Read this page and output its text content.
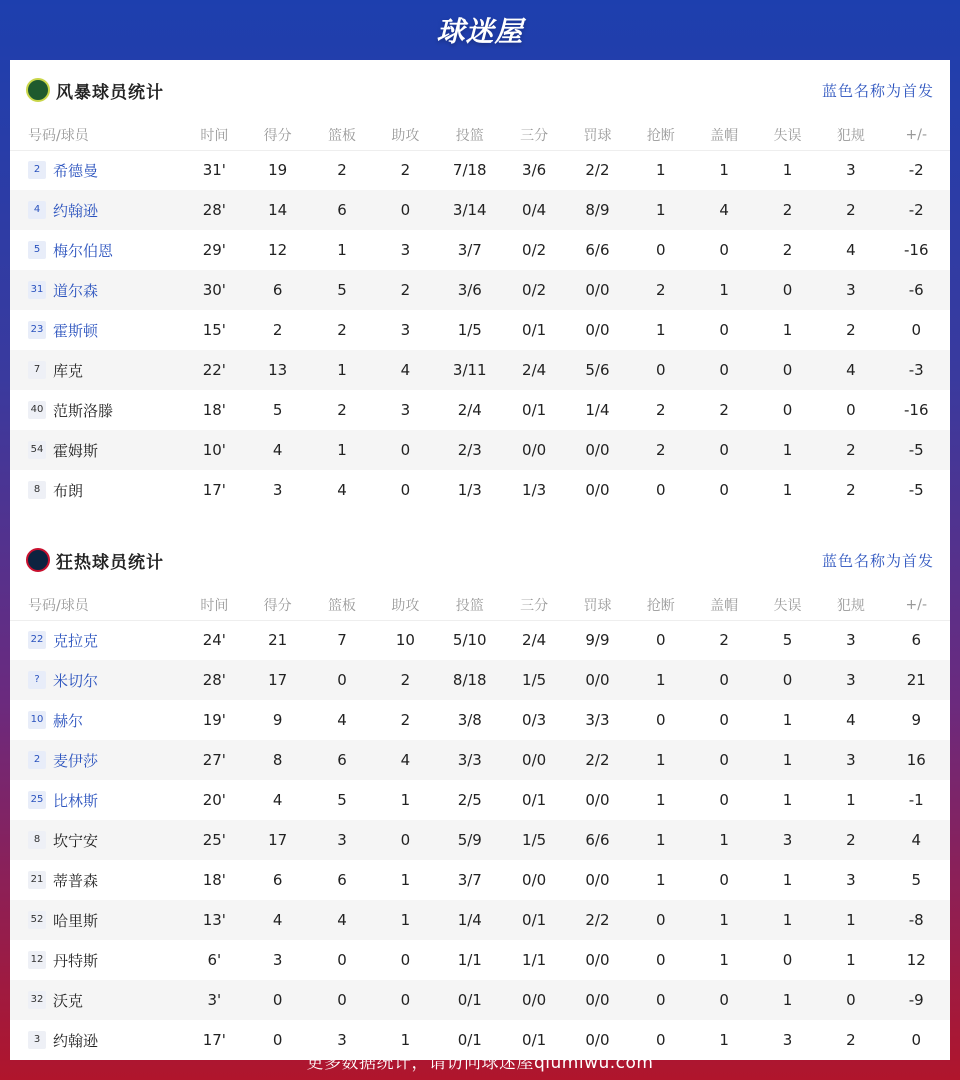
球迷屋
风暴球员统计	蓝色名称为首发
号码/球员	时间	得分	篮板	助攻	投篮	三分	罚球	抢断	盖帽	失误	犯规	+/-
2 希德曼	31'	19	2	2	7/18	3/6	2/2	1	1	1	3	-2
4 约翰逊	28'	14	6	0	3/14	0/4	8/9	1	4	2	2	-2
5 梅尔伯恩	29'	12	1	3	3/7	0/2	6/6	0	0	2	4	-16
31 道尔森	30'	6	5	2	3/6	0/2	0/0	2	1	0	3	-6
23 霍斯顿	15'	2	2	3	1/5	0/1	0/0	1	0	1	2	0
7 库克	22'	13	1	4	3/11	2/4	5/6	0	0	0	4	-3
40 范斯洛滕	18'	5	2	3	2/4	0/1	1/4	2	2	0	0	-16
54 霍姆斯	10'	4	1	0	2/3	0/0	0/0	2	0	1	2	-5
8 布朗	17'	3	4	0	1/3	1/3	0/0	0	0	1	2	-5
狂热球员统计	蓝色名称为首发
号码/球员	时间	得分	篮板	助攻	投篮	三分	罚球	抢断	盖帽	失误	犯规	+/-
22 克拉克	24'	21	7	10	5/10	2/4	9/9	0	2	5	3	6
? 米切尔	28'	17	0	2	8/18	1/5	0/0	1	0	0	3	21
10 赫尔	19'	9	4	2	3/8	0/3	3/3	0	0	1	4	9
2 麦伊莎	27'	8	6	4	3/3	0/0	2/2	1	0	1	3	16
25 比林斯	20'	4	5	1	2/5	0/1	0/0	1	0	1	1	-1
8 坎宁安	25'	17	3	0	5/9	1/5	6/6	1	1	3	2	4
21 蒂普森	18'	6	6	1	3/7	0/0	0/0	1	0	1	3	5
52 哈里斯	13'	4	4	1	1/4	0/1	2/2	0	1	1	1	-8
12 丹特斯	6'	3	0	0	1/1	1/1	0/0	0	1	0	1	12
32 沃克	3'	0	0	0	0/1	0/0	0/0	0	0	1	0	-9
3 约翰逊	17'	0	3	1	0/1	0/1	0/0	0	1	3	2	0
更多数据统计，请访问球迷屋qiumiwu.com
